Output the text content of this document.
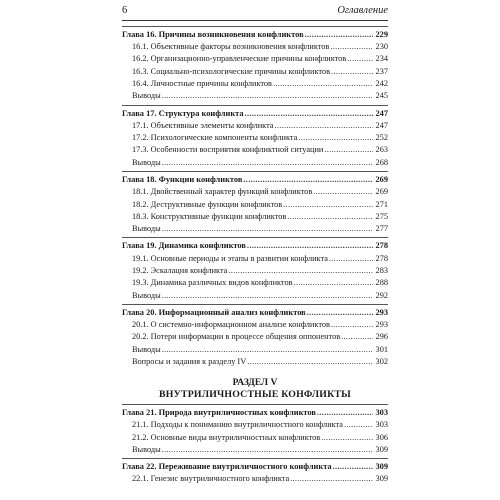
6	Оглавление
Глава 16. Причины возникновения конфликтов .....	229
16.1. Объективные факторы возникновения конфликтов .....	230
16.2. Организационно-управленческие причины конфликтов .....	234
16.3. Социально-психологические причины конфликтов .....	237
16.4. Личностные причины конфликтов .....	242
Выводы .....	245
Глава 17. Структура конфликта .....	247
17.1. Объективные элементы конфликта .....	247
17.2. Психологические компоненты конфликта .....	252
17.3. Особенности восприятия конфликтной ситуации .....	263
Выводы .....	268
Глава 18. Функции конфликтов .....	269
18.1. Двойственный характер функций конфликтов .....	269
18.2. Деструктивные функции конфликтов .....	271
18.3. Конструктивные функции конфликтов .....	275
Выводы .....	277
Глава 19. Динамика конфликтов .....	278
19.1. Основные периоды и этапы в развитии конфликта .....	278
19.2. Эскалация конфликта .....	283
19.3. Динамика различных видов конфликтов .....	288
Выводы .....	292
Глава 20. Информационный анализ конфликтов .....	293
20.1. О системно-информационном анализе конфликтов .....	293
20.2. Потери информации в процессе общения оппонентов .....	296
Выводы .....	301
Вопросы и задания к разделу IV .....	302
РАЗДЕЛ V
ВНУТРИЛИЧНОСТНЫЕ КОНФЛИКТЫ
Глава 21. Природа внутриличностных конфликтов .....	303
21.1. Подходы к пониманию внутриличностного конфликта .....	303
21.2. Основные виды внутриличностных конфликтов .....	306
Выводы .....	309
Глава 22. Переживание внутриличностного конфликта .....	309
22.1. Генезис внутриличностного конфликта .....	309
